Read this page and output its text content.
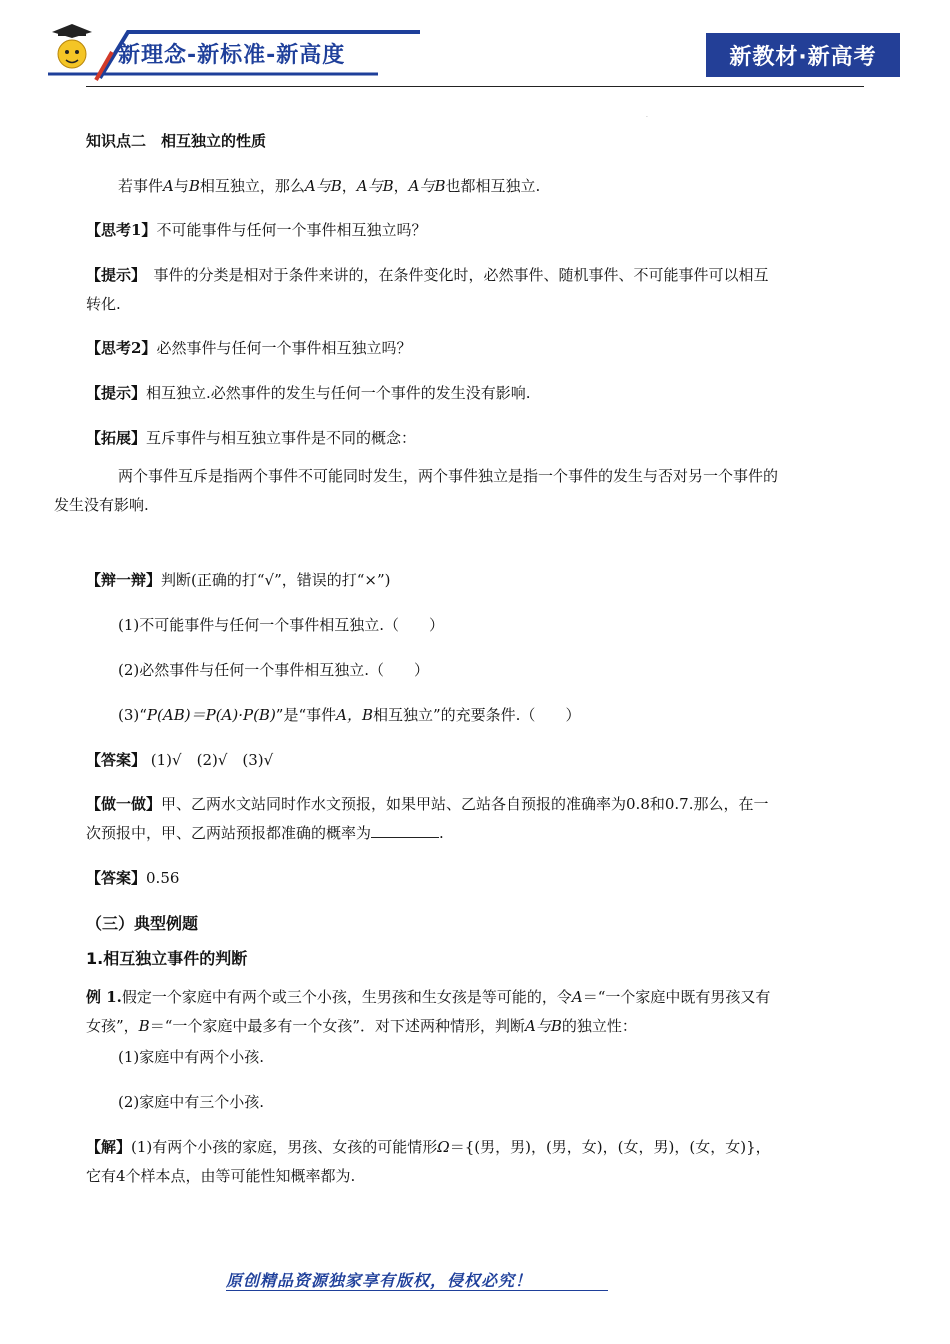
新理念-新标准-新高度	新教材·新高考
·

知识点二　相互独立的性质

若事件A与B相互独立，那么A与B，A与B，A与B也都相互独立.

【思考1】不可能事件与任何一个事件相互独立吗？

【提示】　事件的分类是相对于条件来讲的，在条件变化时，必然事件、随机事件、不可能事件可以相互
转化.

【思考2】必然事件与任何一个事件相互独立吗？

【提示】相互独立.必然事件的发生与任何一个事件的发生没有影响.

【拓展】互斥事件与相互独立事件是不同的概念：

两个事件互斥是指两个事件不可能同时发生，两个事件独立是指一个事件的发生与否对另一个事件的
发生没有影响.

【辩一辩】判断(正确的打“√”，错误的打“×”)

(1)不可能事件与任何一个事件相互独立.（　　）

(2)必然事件与任何一个事件相互独立.（　　）

(3)“P(AB)＝P(A)·P(B)”是“事件A，B相互独立”的充要条件.（　　）

【答案】 (1)√　(2)√　(3)√

【做一做】甲、乙两水文站同时作水文预报，如果甲站、乙站各自预报的准确率为0.8和0.7.那么，在一
次预报中，甲、乙两站预报都准确的概率为	.

【答案】0.56

（三）典型例题

1.相互独立事件的判断

例 1.假定一个家庭中有两个或三个小孩，生男孩和生女孩是等可能的，令A＝“一个家庭中既有男孩又有
女孩”，B＝“一个家庭中最多有一个女孩”．对下述两种情形，判断A与B的独立性：

(1)家庭中有两个小孩.

(2)家庭中有三个小孩.

【解】(1)有两个小孩的家庭，男孩、女孩的可能情形Ω＝{(男，男)，(男，女)，(女，男)，(女，女)}，
它有4个样本点，由等可能性知概率都为.

原创精品资源独家享有版权，侵权必究！
